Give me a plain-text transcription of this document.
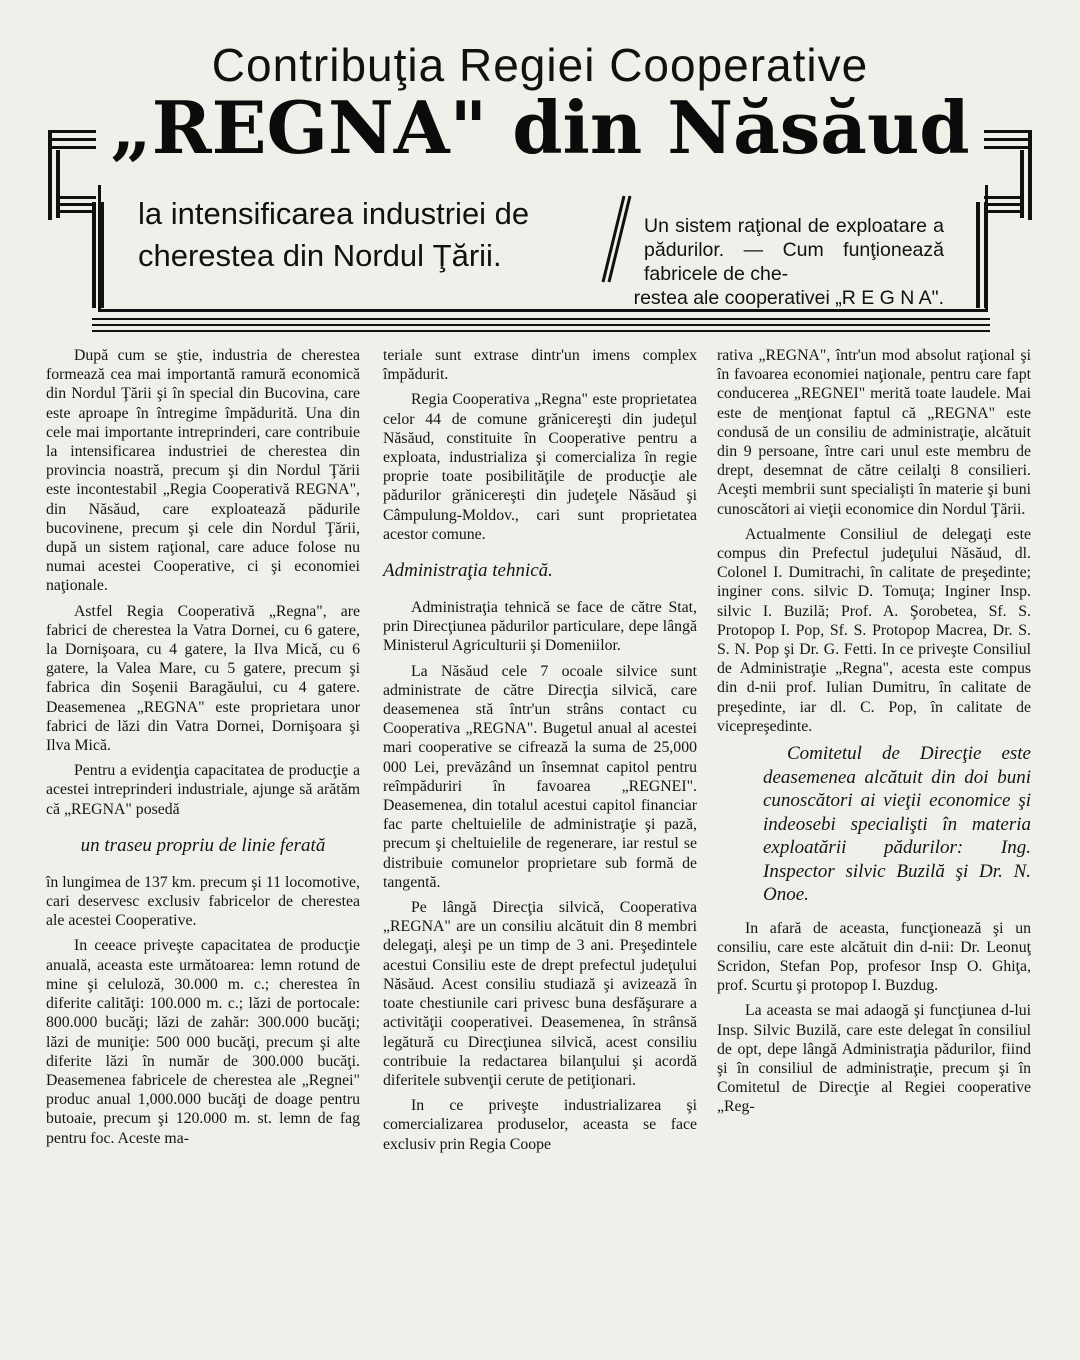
Contribuţia Regiei Cooperative
„REGNA" din Năsăud
la intensificarea industriei de cherestea din Nordul Ţării.
Un sistem raţional de exploatare a pădurilor. — Cum funţionează fabricele de che-
restea ale cooperativei „R E G N A".

După cum se ştie, industria de cherestea formează cea mai importantă ramură economică din Nordul Ţării şi în special din Bucovina, care este aproape în întregime împădurită. Una din cele mai importante intreprinderi, care contribuie la intensificarea industriei de cherestea din provincia noastră, precum şi din Nordul Ţării este incontestabil „Regia Cooperativă REGNA", din Năsăud, care exploatează pădurile bucovinene, precum şi cele din Nordul Ţării, după un sistem raţional, care aduce folose nu numai acestei Cooperative, ci şi economiei naţionale.

Astfel Regia Cooperativă „Regna", are fabrici de cherestea la Vatra Dornei, cu 6 gatere, la Dornişoara, cu 4 gatere, la Ilva Mică, cu 6 gatere, la Valea Mare, cu 5 gatere, precum şi fabrica din Soşenii Baragăului, cu 4 gatere. Deasemenea „REGNA" este proprietara unor fabrici de lăzi din Vatra Dornei, Dornişoara şi Ilva Mică.

Pentru a evidenţia capacitatea de producţie a acestei intreprinderi industriale, ajunge să arătăm că „REGNA" posedă

un traseu propriu de linie ferată

în lungimea de 137 km. precum şi 11 locomotive, cari deservesc exclusiv fabricelor de cherestea ale acestei Cooperative.

In ceeace priveşte capacitatea de producţie anuală, aceasta este următoarea: lemn rotund de mine şi celuloză, 30.000 m. c.; cherestea în diferite calităţi: 100.000 m. c.; lăzi de portocale: 800.000 bucăţi; lăzi de zahăr: 300.000 bucăţi; lăzi de muniţie: 500 000 bucăţi, precum şi alte diferite lăzi în număr de 300.000 bucăţi. Deasemenea fabricele de cherestea ale „Regnei" produc anual 1,000.000 bucăţi de doage pentru butoaie, precum şi 120.000 m. st. lemn de fag pentru foc. Aceste ma-

teriale sunt extrase dintr'un imens complex împădurit.

Regia Cooperativa „Regna" este proprietatea celor 44 de comune grănicereşti din judeţul Năsăud, constituite în Cooperative pentru a exploata, industrializa şi comercializa în regie proprie toate posibilităţile de producţie ale pădurilor grănicereşti din judeţele Năsăud şi Câmpulung-Moldov., cari sunt proprietatea acestor comune.

Administraţia tehnică.

Administraţia tehnică se face de către Stat, prin Direcţiunea pădurilor particulare, depe lângă Ministerul Agriculturii şi Domeniilor.

La Năsăud cele 7 ocoale silvice sunt administrate de către Direcţia silvică, care deasemenea stă într'un strâns contact cu Cooperativa „REGNA". Bugetul anual al acestei mari cooperative se cifrează la suma de 25,000 000 Lei, prevăzând un însemnat capitol pentru reîmpăduriri în favoarea „REGNEI". Deasemenea, din totalul acestui capitol financiar fac parte cheltuielile de administraţie şi pază, precum şi cheltuielile de regenerare, iar restul se distribuie comunelor proprietare sub formă de tangentă.

Pe lângă Direcţia silvică, Cooperativa „REGNA" are un consiliu alcătuit din 8 membri delegaţi, aleşi pe un timp de 3 ani. Preşedintele acestui Consiliu este de drept prefectul judeţului Năsăud. Acest consiliu studiază şi avizează în toate chestiunile cari privesc buna desfăşurare a activităţii cooperativei. Deasemenea, în strânsă legătură cu Direcţiunea silvică, acest consiliu contribuie la redactarea bilanţului şi acordă diferitele subvenţii cerute de petiţionari.

In ce priveşte industrializarea şi comercializarea produselor, aceasta se face exclusiv prin Regia Coope

rativa „REGNA", într'un mod absolut raţional şi în favoarea economiei naţionale, pentru care fapt conducerea „REGNEI" merită toate laudele. Mai este de menţionat faptul că „REGNA" este condusă de un consiliu de administraţie, alcătuit din 9 persoane, între cari unul este membru de drept, desemnat de către ceilalţi 8 consilieri. Aceşti membrii sunt specialişti în materie şi buni cunoscători ai vieţii economice din Nordul Ţării.

Actualmente Consiliul de delegaţi este compus din Prefectul judeţului Năsăud, dl. Colonel I. Dumitrachi, în calitate de preşedinte; inginer cons. silvic D. Tomuţa; Inginer Insp. silvic I. Buzilă; Prof. A. Şorobetea, Sf. S. Protopop I. Pop, Sf. S. Protopop Macrea, Dr. S. S. N. Pop şi Dr. G. Fetti. In ce priveşte Consiliul de Administraţie „Regna", acesta este compus din d-nii prof. Iulian Dumitru, în calitate de preşedinte, iar dl. C. Pop, în calitate de vicepreşedinte.

Comitetul de Direcţie este deasemenea alcătuit din doi buni cunoscători ai vieţii economice şi indeosebi specialişti în materia exploatării pădurilor: Ing. Inspector silvic Buzilă şi Dr. N. Onoe.

In afară de aceasta, funcţionează şi un consiliu, care este alcătuit din d-nii: Dr. Leonuţ Scridon, Stefan Pop, profesor Insp O. Ghiţa, prof. Scurtu şi protopop I. Buzdug.

La aceasta se mai adaogă şi funcţiunea d-lui Insp. Silvic Buzilă, care este delegat în consiliul de opt, depe lângă Administraţia pădurilor, fiind şi în consiliul de administraţie, precum şi în Comitetul de Direcţie al Regiei cooperative „Reg-
